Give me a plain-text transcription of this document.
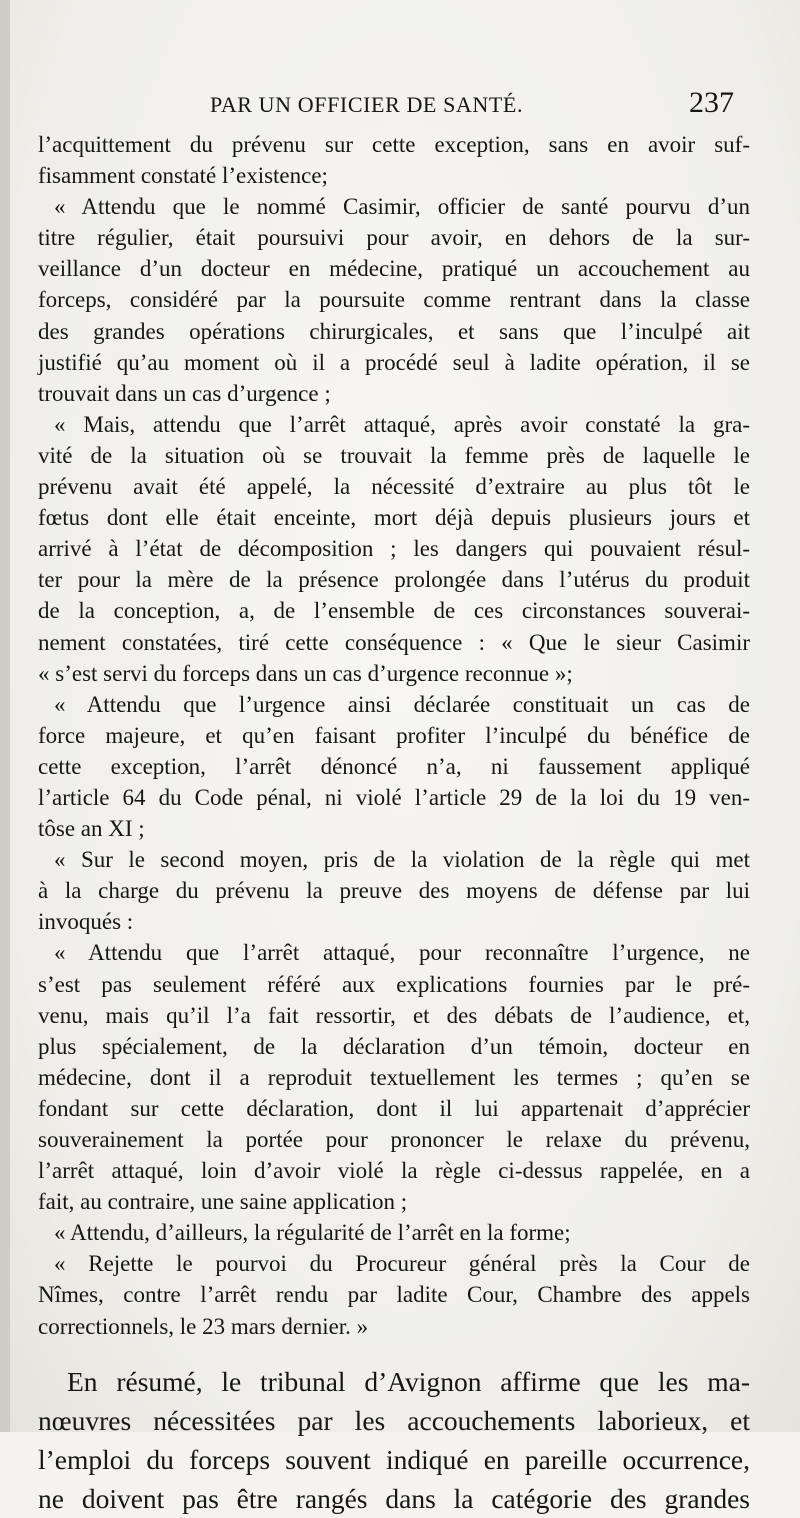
PAR UN OFFICIER DE SANTÉ.	237
l’acquittement du prévenu sur cette exception, sans en avoir suf-
fisamment constaté l’existence;
« Attendu que le nommé Casimir, officier de santé pourvu d’un
titre régulier, était poursuivi pour avoir, en dehors de la sur-
veillance d’un docteur en médecine, pratiqué un accouchement au
forceps, considéré par la poursuite comme rentrant dans la classe
des grandes opérations chirurgicales, et sans que l’inculpé ait
justifié qu’au moment où il a procédé seul à ladite opération, il se
trouvait dans un cas d’urgence ;
« Mais, attendu que l’arrêt attaqué, après avoir constaté la gra-
vité de la situation où se trouvait la femme près de laquelle le
prévenu avait été appelé, la nécessité d’extraire au plus tôt le
fœtus dont elle était enceinte, mort déjà depuis plusieurs jours et
arrivé à l’état de décomposition ; les dangers qui pouvaient résul-
ter pour la mère de la présence prolongée dans l’utérus du produit
de la conception, a, de l’ensemble de ces circonstances souverai-
nement constatées, tiré cette conséquence : « Que le sieur Casimir
« s’est servi du forceps dans un cas d’urgence reconnue »;
« Attendu que l’urgence ainsi déclarée constituait un cas de
force majeure, et qu’en faisant profiter l’inculpé du bénéfice de
cette exception, l’arrêt dénoncé n’a, ni faussement appliqué
l’article 64 du Code pénal, ni violé l’article 29 de la loi du 19 ven-
tôse an XI ;
« Sur le second moyen, pris de la violation de la règle qui met
à la charge du prévenu la preuve des moyens de défense par lui
invoqués :
« Attendu que l’arrêt attaqué, pour reconnaître l’urgence, ne
s’est pas seulement référé aux explications fournies par le pré-
venu, mais qu’il l’a fait ressortir, et des débats de l’audience, et,
plus spécialement, de la déclaration d’un témoin, docteur en
médecine, dont il a reproduit textuellement les termes ; qu’en se
fondant sur cette déclaration, dont il lui appartenait d’apprécier
souverainement la portée pour prononcer le relaxe du prévenu,
l’arrêt attaqué, loin d’avoir violé la règle ci-dessus rappelée, en a
fait, au contraire, une saine application ;
« Attendu, d’ailleurs, la régularité de l’arrêt en la forme;
« Rejette le pourvoi du Procureur général près la Cour de
Nîmes, contre l’arrêt rendu par ladite Cour, Chambre des appels
correctionnels, le 23 mars dernier. »
En résumé, le tribunal d’Avignon affirme que les ma-
nœuvres nécessitées par les accouchements laborieux, et
l’emploi du forceps souvent indiqué en pareille occurrence,
ne doivent pas être rangés dans la catégorie des grandes
